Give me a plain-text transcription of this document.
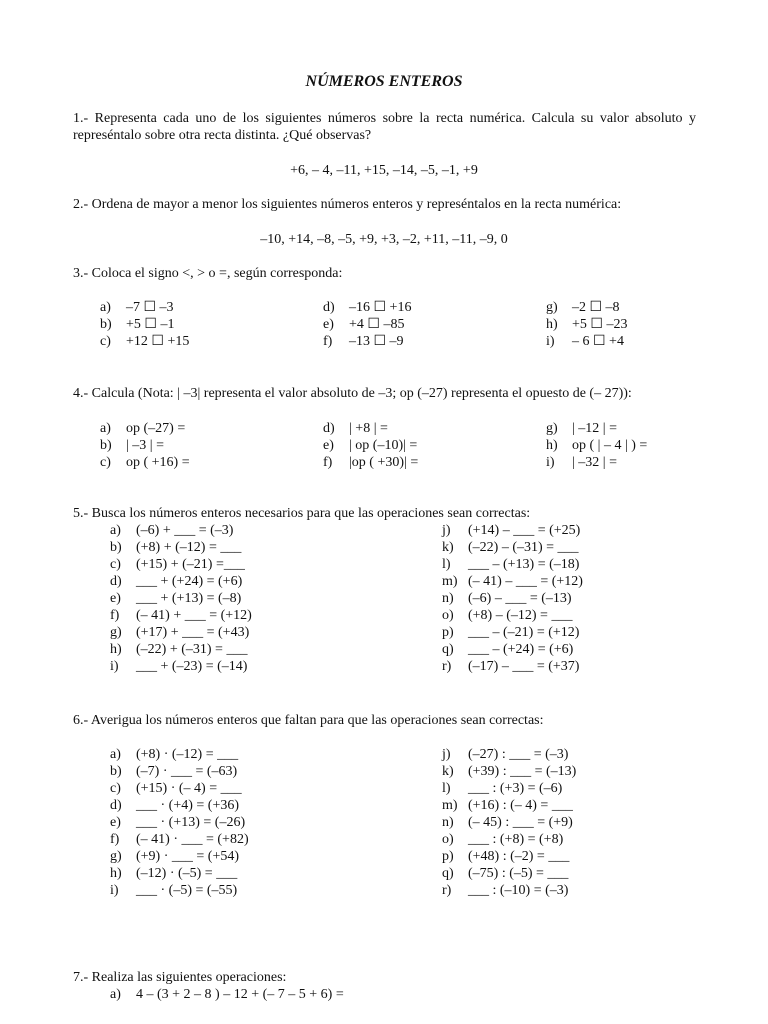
NÚMEROS ENTEROS

1.- Representa cada uno de los siguientes números sobre la recta numérica. Calcula su valor absoluto y represéntalo sobre otra recta distinta. ¿Qué observas?

+6, – 4, –11, +15, –14, –5, –1, +9

2.- Ordena de mayor a menor los siguientes números enteros y represéntalos en la recta numérica:

–10, +14, –8, –5, +9, +3, –2, +11, –11, –9, 0

3.- Coloca el signo <, > o =, según corresponda:

a) –7 ☐ –3
b) +5 ☐ –1
c) +12 ☐ +15
d) –16 ☐ +16
e) +4 ☐ –85
f) –13 ☐ –9
g) –2 ☐ –8
h) +5 ☐ –23
i) – 6 ☐ +4

4.- Calcula (Nota: | –3| representa el valor absoluto de –3; op (–27) representa el opuesto de (– 27)):

a) op (–27) =
b) | –3 | =
c) op ( +16) =
d) | +8 | =
e) | op (–10)| =
f) |op ( +30)| =
g) | –12 | =
h) op ( | – 4 | ) =
i) | –32 | =

5.- Busca los números enteros necesarios para que las operaciones sean correctas:

a) (–6) + ___ = (–3)
b) (+8) + (–12) = ___
c) (+15) + (–21) =___
d) ___ + (+24) = (+6)
e) ___ + (+13) = (–8)
f) (– 41) + ___ = (+12)
g) (+17) + ___ = (+43)
h) (–22) + (–31) = ___
i) ___ + (–23) = (–14)
j) (+14) – ___ = (+25)
k) (–22) – (–31) = ___
l) ___ – (+13) = (–18)
m) (– 41) – ___ = (+12)
n) (–6) – ___ = (–13)
o) (+8) – (–12) = ___
p) ___ – (–21) = (+12)
q) ___ – (+24) = (+6)
r) (–17) – ___ = (+37)

6.- Averigua los números enteros que faltan para que las operaciones sean correctas:

a) (+8) · (–12) = ___
b) (–7) · ___ = (–63)
c) (+15) · (– 4) = ___
d) ___ · (+4) = (+36)
e) ___ · (+13) = (–26)
f) (– 41) · ___ = (+82)
g) (+9) · ___ = (+54)
h) (–12) · (–5) = ___
i) ___ · (–5) = (–55)
j) (–27) : ___ = (–3)
k) (+39) : ___ = (–13)
l) ___ : (+3) = (–6)
m) (+16) : (– 4) = ___
n) (– 45) : ___ = (+9)
o) ___ : (+8) = (+8)
p) (+48) : (–2) = ___
q) (–75) : (–5) = ___
r) ___ : (–10) = (–3)

7.- Realiza las siguientes operaciones:

a) 4 – (3 + 2 – 8 ) – 12 + (– 7 – 5 + 6) =
